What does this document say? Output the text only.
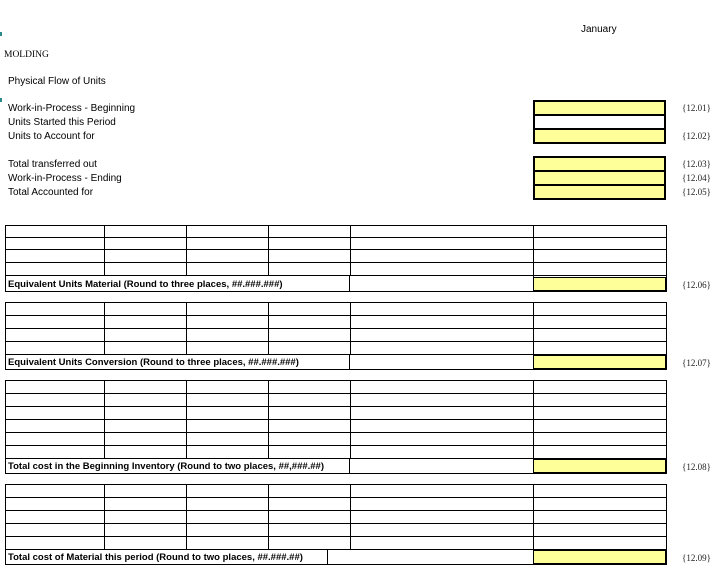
January
MOLDING
Physical Flow of Units
Work-in-Process - Beginning
Units Started this Period
Units to Account for
Total transferred out
Work-in-Process - Ending
Total Accounted for
{12.01}
{12.02}
{12.03}
{12.04}
{12.05}
Equivalent Units Material (Round to three places, ##.###.###)
Equivalent Units Conversion (Round to three places, ##.###.###)
Total cost in the Beginning Inventory (Round to two places, ##,###.##)
Total cost of Material this period (Round to two places, ##.###.##)
{12.06}
{12.07}
{12.08}
{12.09}
